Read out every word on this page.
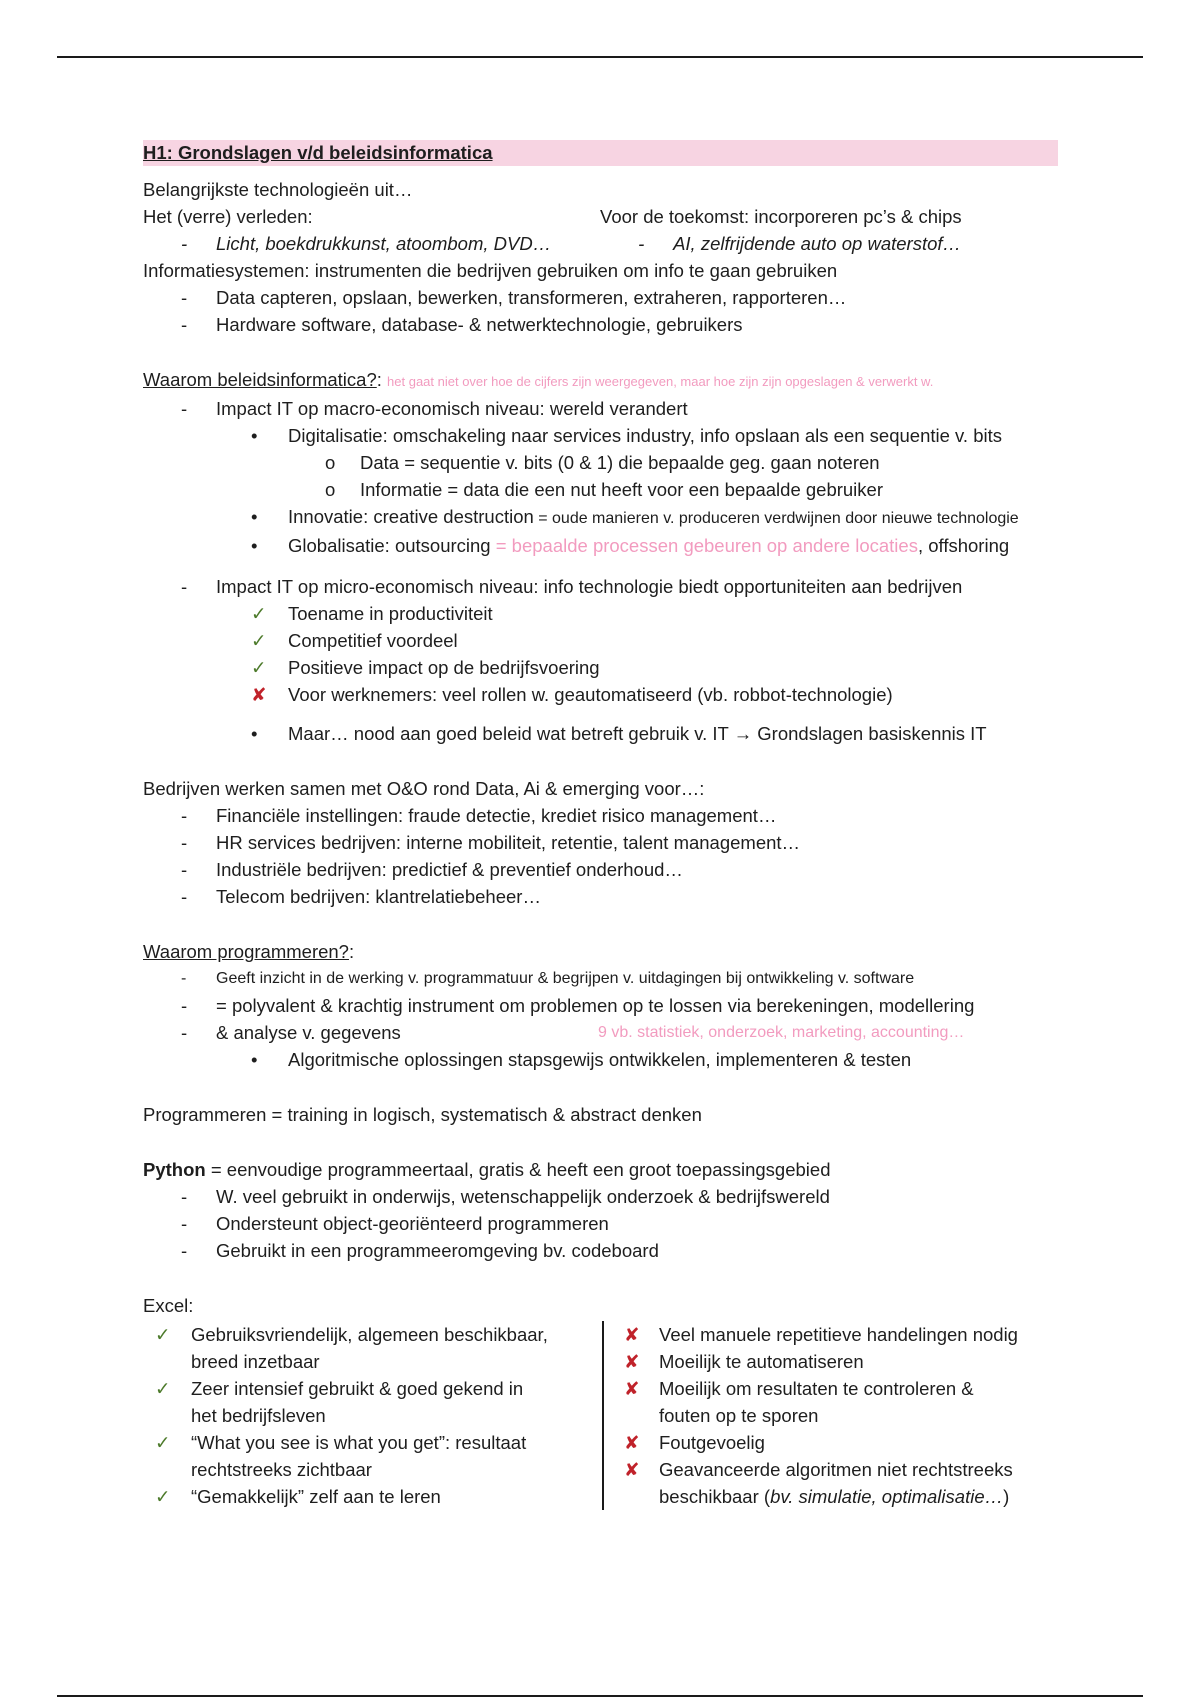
H1: Grondslagen v/d beleidsinformatica
Belangrijkste technologieën uit…
Het (verre) verleden:	Voor de toekomst: incorporeren pc’s & chips
- Licht, boekdrukkunst, atoombom, DVD…
-	AI, zelfrijdende auto op waterstof…
Informatiesystemen: instrumenten die bedrijven gebruiken om info te gaan gebruiken
- Data capteren, opslaan, bewerken, transformeren, extraheren, rapporteren…
- Hardware software, database- & netwerktechnologie, gebruikers
Waarom beleidsinformatica?: het gaat niet over hoe de cijfers zijn weergegeven, maar hoe zijn zijn opgeslagen & verwerkt w.
- Impact IT op macro-economisch niveau: wereld verandert
• Digitalisatie: omschakeling naar services industry, info opslaan als een sequentie v. bits
o Data = sequentie v. bits (0 & 1) die bepaalde geg. gaan noteren
o Informatie = data die een nut heeft voor een bepaalde gebruiker
• Innovatie: creative destruction = oude manieren v. produceren verdwijnen door nieuwe technologie
• Globalisatie: outsourcing = bepaalde processen gebeuren op andere locaties, offshoring
- Impact IT op micro-economisch niveau: info technologie biedt opportuniteiten aan bedrijven
✓ Toename in productiviteit
✓ Competitief voordeel
✓ Positieve impact op de bedrijfsvoering
✘ Voor werknemers: veel rollen w. geautomatiseerd (vb. robbot-technologie)
• Maar… nood aan goed beleid wat betreft gebruik v. IT → Grondslagen basiskennis IT
Bedrijven werken samen met O&O rond Data, Ai & emerging voor…:
- Financiële instellingen: fraude detectie, krediet risico management…
- HR services bedrijven: interne mobiliteit, retentie, talent management…
- Industriële bedrijven: predictief & preventief onderhoud…
- Telecom bedrijven: klantrelatiebeheer…
Waarom programmeren?:
- Geeft inzicht in de werking v. programmatuur & begrijpen v. uitdagingen bij ontwikkeling v. software
- = polyvalent & krachtig instrument om problemen op te lossen via berekeningen, modellering
- & analyse v. gegevens	9 vb. statistiek, onderzoek, marketing, accounting…
• Algoritmische oplossingen stapsgewijs ontwikkelen, implementeren & testen
Programmeren = training in logisch, systematisch & abstract denken
Python = eenvoudige programmeertaal, gratis & heeft een groot toepassingsgebied
- W. veel gebruikt in onderwijs, wetenschappelijk onderzoek & bedrijfswereld
- Ondersteunt object-georiënteerd programmeren
- Gebruikt in een programmeeromgeving bv. codeboard
Excel:
✓ Gebruiksvriendelijk, algemeen beschikbaar,
breed inzetbaar
✓ Zeer intensief gebruikt & goed gekend in
het bedrijfsleven
✓ “What you see is what you get”: resultaat
rechtstreeks zichtbaar
✓ “Gemakkelijk” zelf aan te leren
✘ Veel manuele repetitieve handelingen nodig
✘ Moeilijk te automatiseren
✘ Moeilijk om resultaten te controleren &
fouten op te sporen
✘ Foutgevoelig
✘ Geavanceerde algoritmen niet rechtstreeks
beschikbaar (bv. simulatie, optimalisatie…)
